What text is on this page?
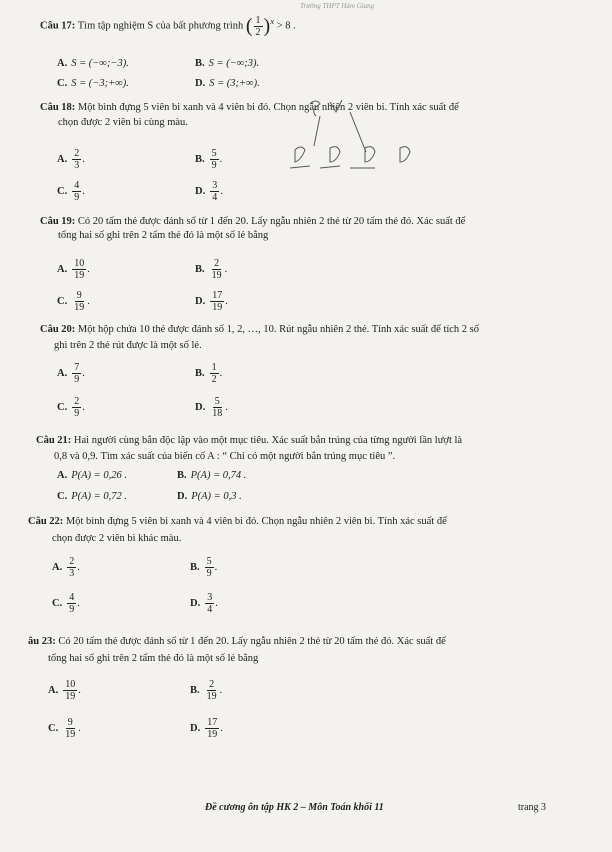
Trường THPT Hàm Giang
Câu 17: Tìm tập nghiệm S của bất phương trình ( $\frac{1}{2} )^x > 8$ .
A. S = (−∞;−3).	B. S = (−∞;3).
C. S = (−3;+∞).	D. S = (3;+∞).
Câu 18: Một bình đựng 5 viên bi xanh và 4 viên bi đỏ. Chọn ngẫu nhiên 2 viên bi. Tính xác suất để
chọn được 2 viên bi cùng màu.
A. $\frac{2}{3}$ .	B. $\frac{5}{9}$ .
C. $\frac{4}{9}$ .	D. $\frac{3}{4}$ .
Câu 19: Có 20 tấm thẻ được đánh số từ 1 đến 20. Lấy ngẫu nhiên 2 thẻ từ 20 tấm thẻ đó. Xác suất để
tổng hai số ghi trên 2 tấm thẻ đó là một số lẻ bằng
A. $\frac{10}{19}$ .	B. $\frac{2}{19}$ .
C. $\frac{9}{19}$ .	D. $\frac{17}{19}$ .
Câu 20: Một hộp chứa 10 thẻ được đánh số 1, 2, …, 10. Rút ngẫu nhiên 2 thẻ. Tính xác suất để tích 2 số
ghi trên 2 thẻ rút được là một số lẻ.
A. $\frac{7}{9}$ .	B. $\frac{1}{2}$ .
C. $\frac{2}{9}$ .	D. $\frac{5}{18}$ .
Câu 21: Hai người cùng bắn độc lập vào một mục tiêu. Xác suất bắn trúng của từng người lần lượt là
0,8 và 0,9. Tìm xác suất của biến cố A : “ Chỉ có một người bắn trúng mục tiêu ”.
A. P(A) = 0,26 .	B. P(A) = 0,74 .
C. P(A) = 0,72 .	D. P(A) = 0,3 .
Câu 22: Một bình đựng 5 viên bi xanh và 4 viên bi đỏ. Chọn ngẫu nhiên 2 viên bi. Tính xác suất để
chọn được 2 viên bi khác màu.
A. $\frac{2}{3}$ .	B. $\frac{5}{9}$ .
C. $\frac{4}{9}$ .	D. $\frac{3}{4}$ .
âu 23: Có 20 tấm thẻ được đánh số từ 1 đến 20. Lấy ngẫu nhiên 2 thẻ từ 20 tấm thẻ đó. Xác suất để
tổng hai số ghi trên 2 tấm thẻ đó là một số lẻ bằng
A. $\frac{10}{19}$ .	B. $\frac{2}{19}$ .
C. $\frac{9}{19}$ .	D. $\frac{17}{19}$ .
Đề cương ôn tập HK 2 – Môn Toán khối 11	trang 3
